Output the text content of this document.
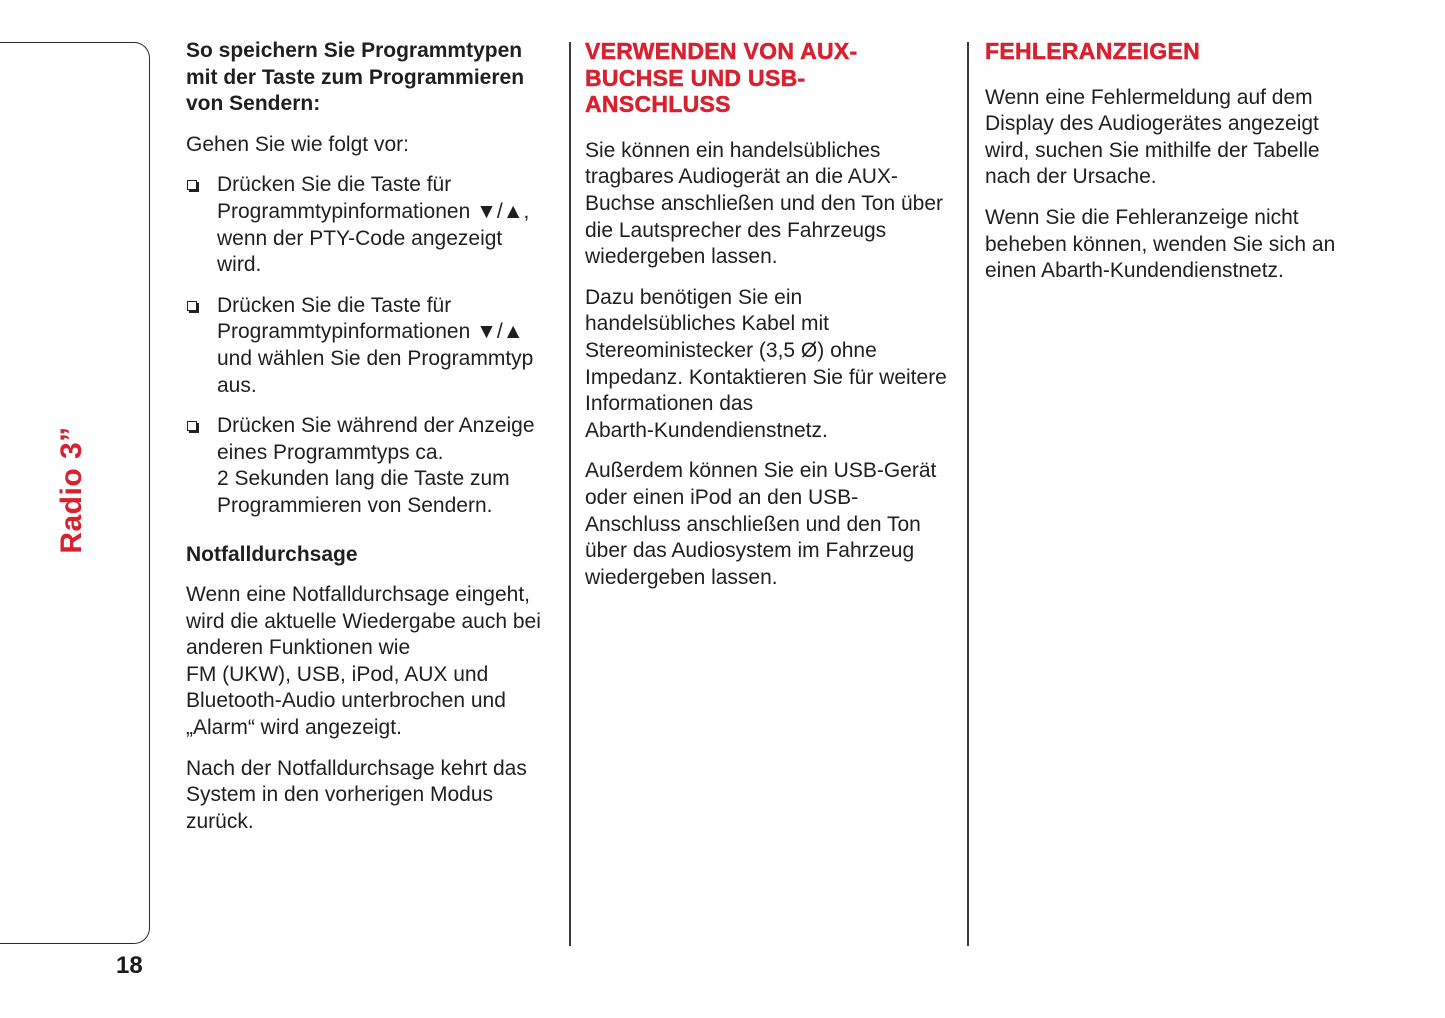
Radio 3”
18
So speichern Sie Programmtypen mit der Taste zum Programmieren von Sendern:

Gehen Sie wie folgt vor:

Drücken Sie die Taste für Programmtypinformationen ▼/▲, wenn der PTY-Code angezeigt wird.
Drücken Sie die Taste für Programmtypinformationen ▼/▲ und wählen Sie den Programmtyp aus.
Drücken Sie während der Anzeige eines Programmtyps ca.
2 Sekunden lang die Taste zum Programmieren von Sendern.
Notfalldurchsage

Wenn eine Notfalldurchsage eingeht, wird die aktuelle Wiedergabe auch bei anderen Funktionen wie
FM (UKW), USB, iPod, AUX und Bluetooth-Audio unterbrochen und „Alarm“ wird angezeigt.

Nach der Notfalldurchsage kehrt das System in den vorherigen Modus zurück.

VERWENDEN VON AUX-BUCHSE UND USB-ANSCHLUSS

Sie können ein handelsübliches tragbares Audiogerät an die AUX-Buchse anschließen und den Ton über die Lautsprecher des Fahrzeugs wiedergeben lassen.

Dazu benötigen Sie ein handelsübliches Kabel mit Stereoministecker (3,5 Ø) ohne Impedanz. Kontaktieren Sie für weitere Informationen das
Abarth-Kundendienstnetz.

Außerdem können Sie ein USB-Gerät oder einen iPod an den USB-Anschluss anschließen und den Ton über das Audiosystem im Fahrzeug wiedergeben lassen.

FEHLERANZEIGEN

Wenn eine Fehlermeldung auf dem Display des Audiogerätes angezeigt wird, suchen Sie mithilfe der Tabelle nach der Ursache.

Wenn Sie die Fehleranzeige nicht beheben können, wenden Sie sich an einen Abarth-Kundendienstnetz.
